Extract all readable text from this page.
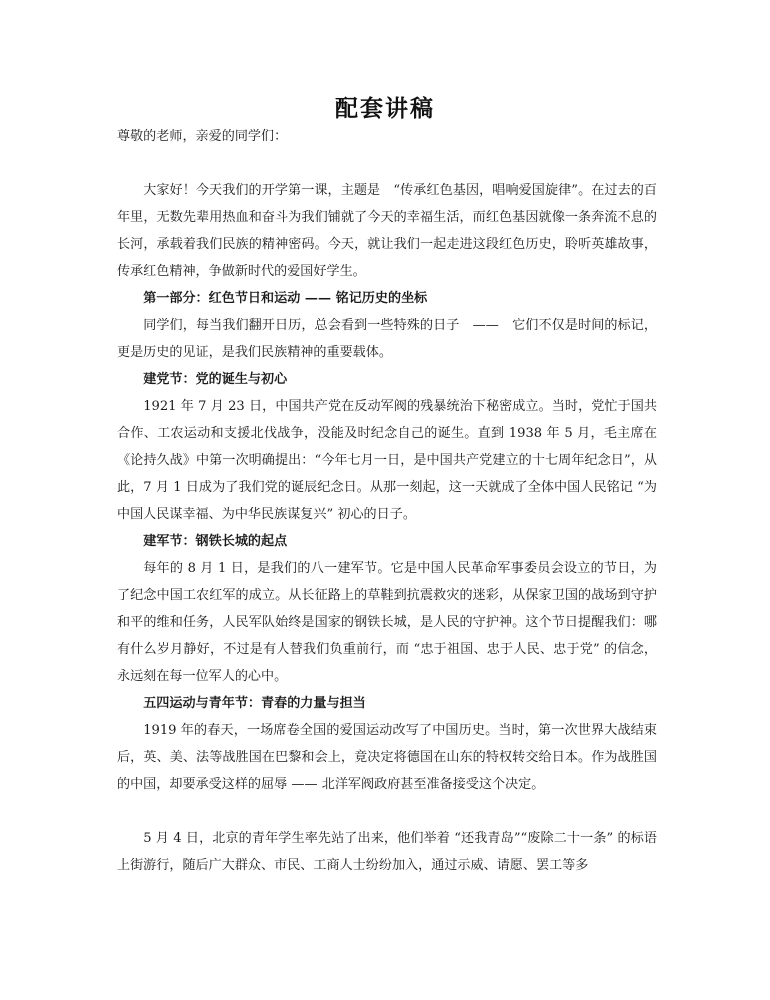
配套讲稿

尊敬的老师，亲爱的同学们：

大家好！今天我们的开学第一课，主题是　“传承红色基因，唱响爱国旋律”。在过去的百年里，无数先辈用热血和奋斗为我们铺就了今天的幸福生活，而红色基因就像一条奔流不息的长河，承载着我们民族的精神密码。今天，就让我们一起走进这段红色历史，聆听英雄故事，传承红色精神，争做新时代的爱国好学生。

第一部分：红色节日和运动 —— 铭记历史的坐标

同学们，每当我们翻开日历，总会看到一些特殊的日子　——　它们不仅是时间的标记，更是历史的见证，是我们民族精神的重要载体。

建党节：党的诞生与初心

1921 年 7 月 23 日，中国共产党在反动军阀的残暴统治下秘密成立。当时，党忙于国共合作、工农运动和支援北伐战争，没能及时纪念自己的诞生。直到 1938 年 5 月，毛主席在《论持久战》中第一次明确提出：“今年七月一日，是中国共产党建立的十七周年纪念日”，从此，7 月 1 日成为了我们党的诞辰纪念日。从那一刻起，这一天就成了全体中国人民铭记 “为中国人民谋幸福、为中华民族谋复兴” 初心的日子。

建军节：钢铁长城的起点

每年的 8 月 1 日，是我们的八一建军节。它是中国人民革命军事委员会设立的节日，为了纪念中国工农红军的成立。从长征路上的草鞋到抗震救灾的迷彩，从保家卫国的战场到守护和平的维和任务，人民军队始终是国家的钢铁长城，是人民的守护神。这个节日提醒我们：哪有什么岁月静好，不过是有人替我们负重前行，而 “忠于祖国、忠于人民、忠于党” 的信念，永远刻在每一位军人的心中。

五四运动与青年节：青春的力量与担当

1919 年的春天，一场席卷全国的爱国运动改写了中国历史。当时，第一次世界大战结束后，英、美、法等战胜国在巴黎和会上，竟决定将德国在山东的特权转交给日本。作为战胜国的中国，却要承受这样的屈辱 —— 北洋军阀政府甚至准备接受这个决定。

5 月 4 日，北京的青年学生率先站了出来，他们举着 “还我青岛”“废除二十一条” 的标语上街游行，随后广大群众、市民、工商人士纷纷加入，通过示威、请愿、罢工等多
